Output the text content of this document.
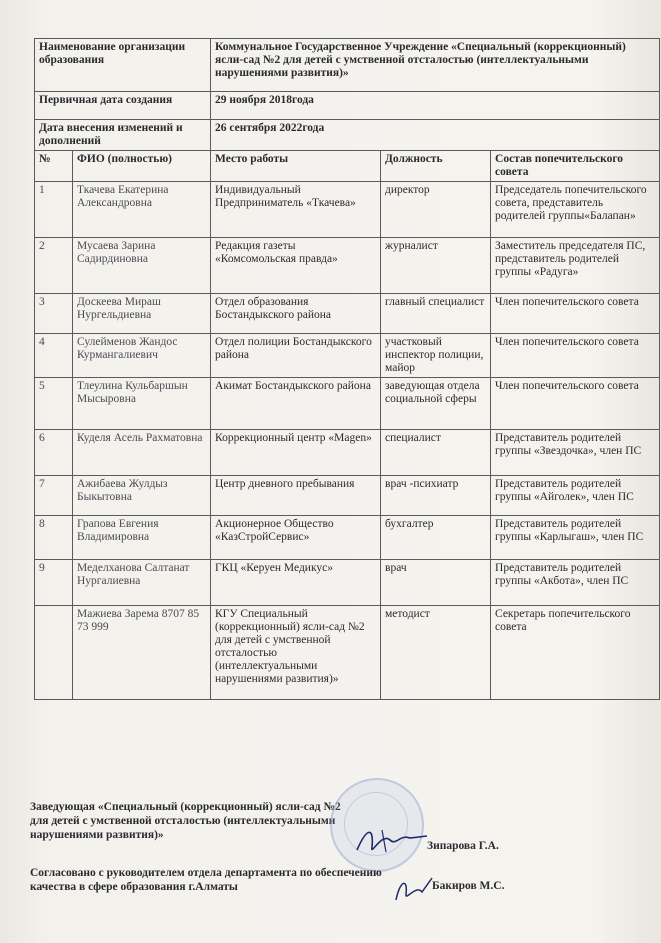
Наименование организации образования		Коммунальное Государственное Учреждение «Специальный (коррекционный) ясли-сад №2 для детей с умственной отсталостью (интеллектуальными нарушениями развития)»		
Первичная дата создания		29 ноября 2018года		
Дата внесения изменений и дополнений		26 сентября 2022года		
№	ФИО (полностью)	Место работы	Должность	Состав попечительского совета
1	Ткачева Екатерина Александровна	Индивидуальный Предприниматель «Ткачева»	директор	Председатель попечительского совета, представитель родителей группы«Балапан»
2	Мусаева Зарина Садирдиновна	Редакция газеты «Комсомольская правда»	журналист	Заместитель председателя ПС, представитель родителей группы «Радуга»
3	Доскеева Мираш Нургельдиевна	Отдел образования Бостандыкского района	главный специалист	Член попечительского совета
4	Сулейменов Жандос Курмангалиевич	Отдел полиции Бостандыкского района	участковый инспектор полиции, майор	Член попечительского совета
5	Тлеулина Кульбаршын Мысыровна	Акимат Бостандыкского района	заведующая отдела социальной сферы	Член попечительского совета
6	Куделя Асель Рахматовна	Коррекционный центр «Magen»	специалист	Представитель родителей группы «Звездочка», член ПС
7	Ажибаева Жулдыз Быкытовна	Центр дневного пребывания	врач -психиатр	Представитель родителей группы «Айголек», член ПС
8	Грапова Евгения Владимировна	Акционерное Общество «КазСтройСервис»	бухгалтер	Представитель родителей группы «Карлыгаш», член ПС
9	Меделханова Салтанат Нургалиевна	ГКЦ «Керуен Медикус»	врач	Представитель родителей группы «Акбота», член ПС
	Мажиева Зарема 8707 85 73 999	КГУ Специальный (коррекционный) ясли-сад №2 для детей с умственной отсталостью (интеллектуальными нарушениями развития)»	методист	Секретарь попечительского совета
Заведующая «Специальный (коррекционный) ясли-сад №2 для детей с умственной отсталостью (интеллектуальными нарушениями развития)»
Зипарова Г.А.
Согласовано с руководителем отдела департамента по обеспечению качества в сфере образования г.Алматы	Бакиров М.С.
